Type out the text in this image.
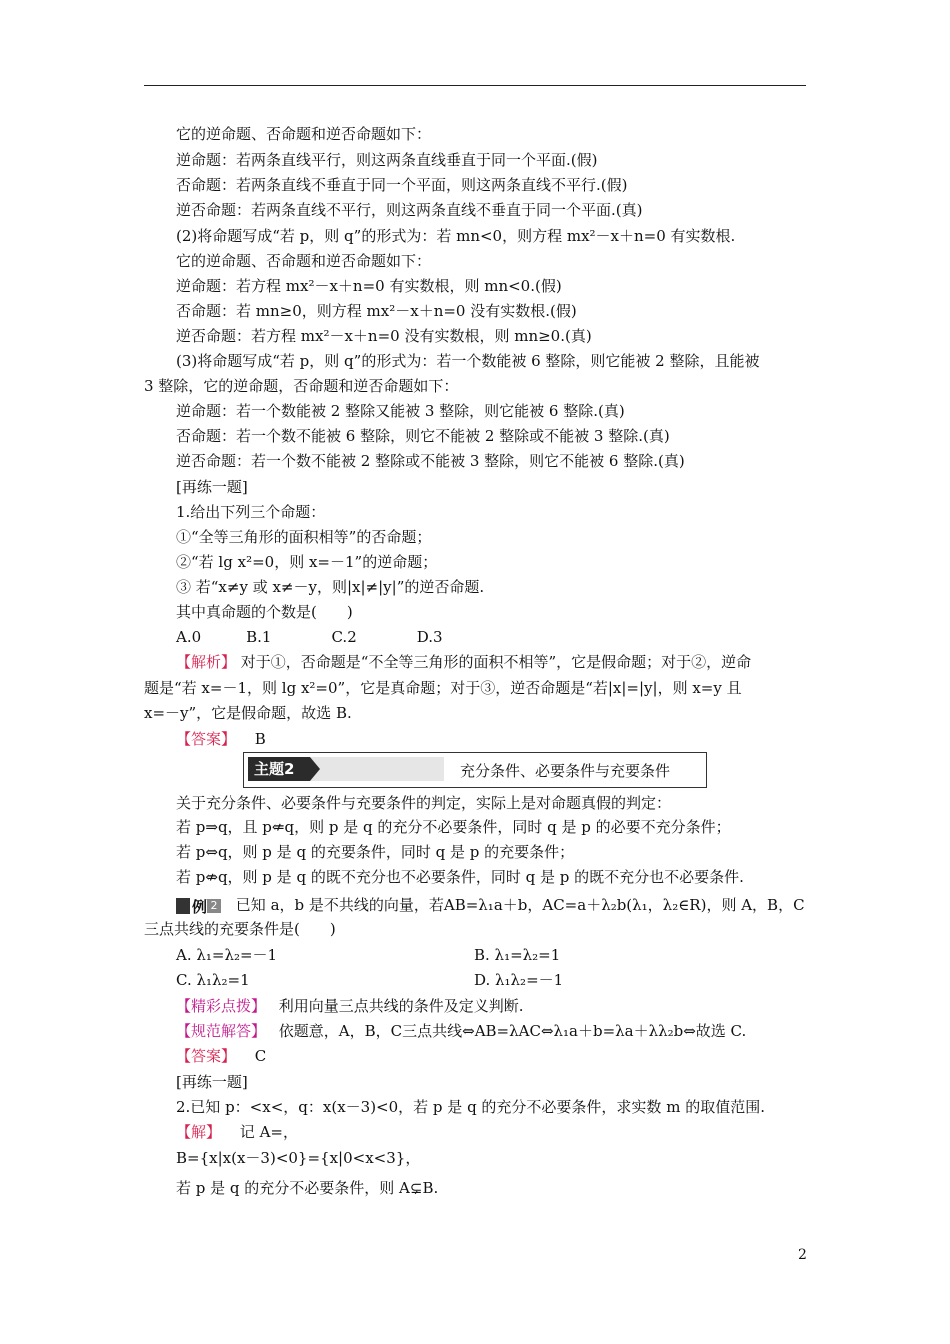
它的逆命题、否命题和逆否命题如下：
逆命题：若两条直线平行，则这两条直线垂直于同一个平面.(假)
否命题：若两条直线不垂直于同一个平面，则这两条直线不平行.(假)
逆否命题：若两条直线不平行，则这两条直线不垂直于同一个平面.(真)
(2)将命题写成“若 p，则 q”的形式为：若 mn<0，则方程 mx²－x＋n=0 有实数根.
它的逆命题、否命题和逆否命题如下：
逆命题：若方程 mx²－x＋n=0 有实数根，则 mn<0.(假)
否命题：若 mn≥0，则方程 mx²－x＋n=0 没有实数根.(假)
逆否命题：若方程 mx²－x＋n=0 没有实数根，则 mn≥0.(真)
(3)将命题写成“若 p，则 q”的形式为：若一个数能被 6 整除，则它能被 2 整除，且能被
3 整除，它的逆命题，否命题和逆否命题如下：
逆命题：若一个数能被 2 整除又能被 3 整除，则它能被 6 整除.(真)
否命题：若一个数不能被 6 整除，则它不能被 2 整除或不能被 3 整除.(真)
逆否命题：若一个数不能被 2 整除或不能被 3 整除，则它不能被 6 整除.(真)
[再练一题]
1.给出下列三个命题：
①“全等三角形的面积相等”的否命题；
②“若 lg x²=0，则 x=－1”的逆命题；
③ 若“x≠y 或 x≠－y，则|x|≠|y|”的逆否命题.
其中真命题的个数是(　　)
A.0　　　B.1　　　　C.2　　　　D.3
题是“若 x=－1，则 lg x²=0”，它是真命题；对于③，逆否命题是“若|x|=|y|，则 x=y 且
x=－y”，它是假命题，故选 B.
关于充分条件、必要条件与充要条件的判定，实际上是对命题真假的判定：
若 p⇒q，且 p⇍q，则 p 是 q 的充分不必要条件，同时 q 是 p 的必要不充分条件；
若 p⇔q，则 p 是 q 的充要条件，同时 q 是 p 的充要条件；
若 p⇎q，则 p 是 q 的既不充分也不必要条件，同时 q 是 p 的既不充分也不必要条件.
三点共线的充要条件是(　　)
A. λ₁=λ₂=－1
C. λ₁λ₂=1
[再练一题]
2.已知 p：<x<，q：x(x－3)<0，若 p 是 q 的充分不必要条件，求实数 m 的取值范围.
B={x|x(x－3)<0}={x|0<x<3}，
若 p 是 q 的充分不必要条件，则 A⊊B.
B. λ₁=λ₂=1
D. λ₁λ₂=－1
【解析】 对于①，否命题是“不全等三角形的面积不相等”，它是假命题；对于②，逆命
【答案】 B
主题2	充分条件、必要条件与充要条件
例 2 已知 a，b 是不共线的向量，若AB=λ₁a＋b，AC=a＋λ₂b(λ₁，λ₂∈R)，则 A，B，C
【精彩点拨】 利用向量三点共线的条件及定义判断.
【规范解答】 依题意，A，B，C三点共线⇔AB=λAC⇔λ₁a＋b=λa＋λλ₂b⇔故选 C.
【答案】 C
【解】 记 A=，
2
